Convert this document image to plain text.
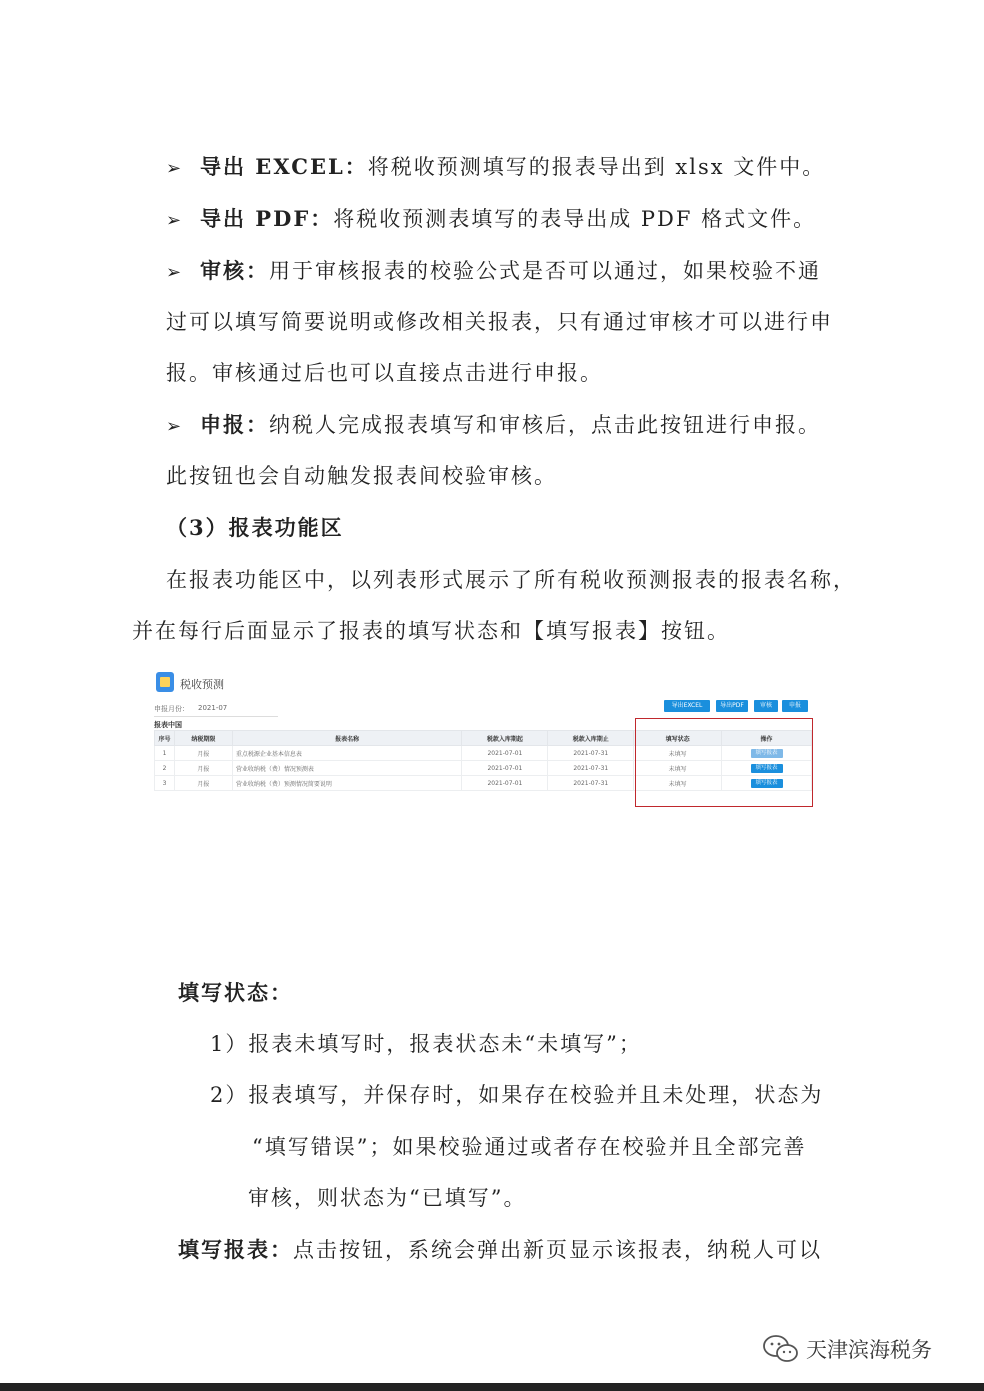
➢ 导出 EXCEL：将税收预测填写的报表导出到 xlsx 文件中。
➢ 导出 PDF：将税收预测表填写的表导出成 PDF 格式文件。
➢ 审核：用于审核报表的校验公式是否可以通过，如果校验不通
过可以填写简要说明或修改相关报表，只有通过审核才可以进行申
报。审核通过后也可以直接点击进行申报。
➢ 申报：纳税人完成报表填写和审核后，点击此按钮进行申报。
此按钮也会自动触发报表间校验审核。
（3）报表功能区
在报表功能区中，以列表形式展示了所有税收预测报表的报表名称，
并在每行后面显示了报表的填写状态和【填写报表】按钮。
税收预测
申报月份： 2021-07	导出EXCEL	导出PDF	审核	申报
报表中国
序号	纳税期限	报表名称	税款入库期起	税款入库期止	填写状态	操作
1	月报	重点税源企业基本信息表	2021-07-01	2021-07-31	未填写	填写报表
2	月报	营业收纳税（费）情况预测表	2021-07-01	2021-07-31	未填写	填写报表
3	月报	营业收纳税（费）预测情况简要说明	2021-07-01	2021-07-31	未填写	填写报表
填写状态：
1）报表未填写时，报表状态未“未填写”；
2）报表填写，并保存时，如果存在校验并且未处理，状态为
“填写错误”；如果校验通过或者存在校验并且全部完善
审核，则状态为“已填写”。
填写报表：点击按钮，系统会弹出新页显示该报表，纳税人可以
天津滨海税务
